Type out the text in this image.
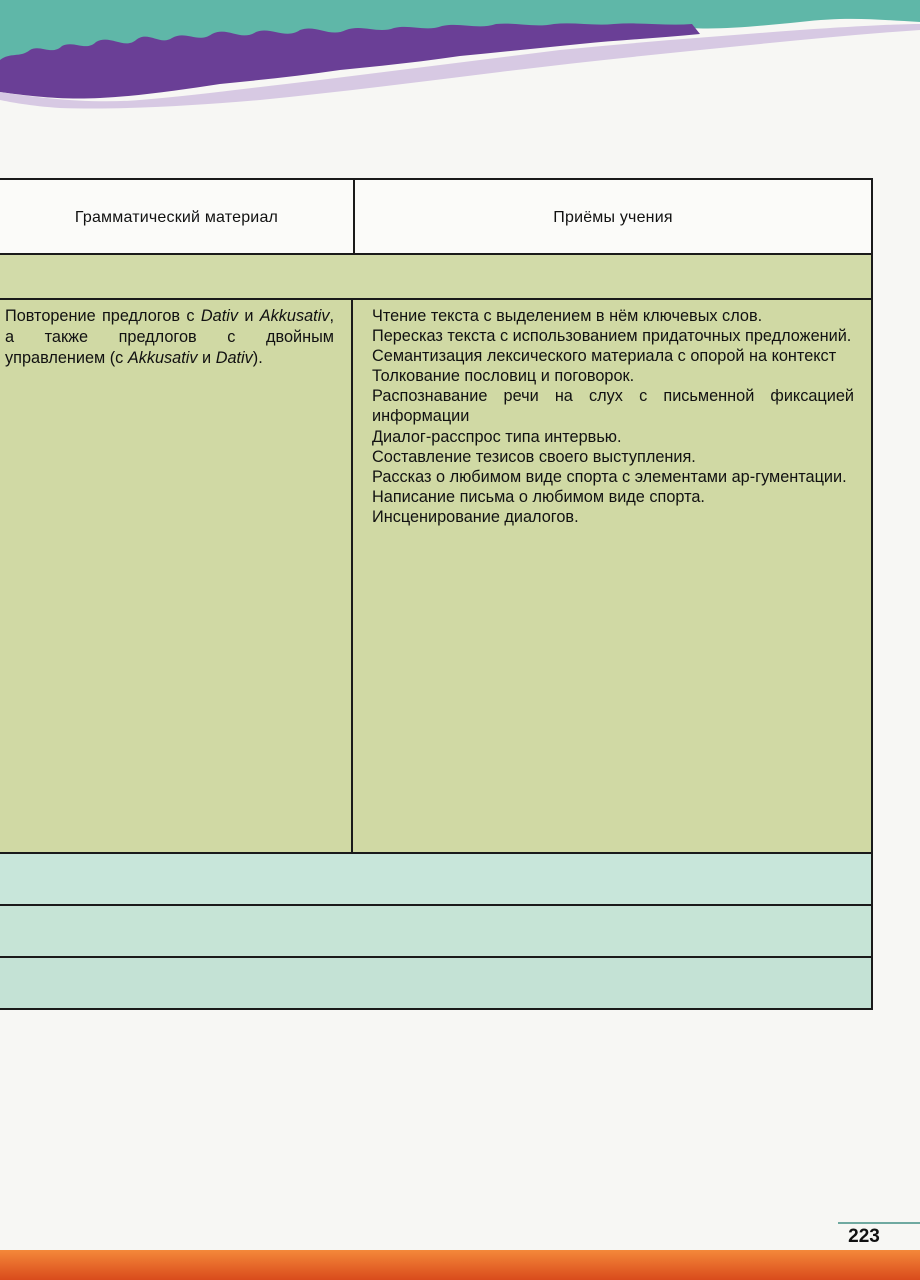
Грамматический материал	Приёмы учения
Повторение предлогов с Dativ и Akkusativ, а также предлогов с двойным управлением (с Akkusativ и Dativ).

Чтение текста с выделением в нём ключевых слов.

Пересказ текста с использованием придаточных предложений.

Семантизация лексического материала с опорой на контекст

Толкование пословиц и поговорок.

Распознавание речи на слух с письменной фиксацией информации

Диалог-расспрос типа интервью.

Составление тезисов своего выступления.

Рассказ о любимом виде спорта с элементами ар-гументации.

Написание письма о любимом виде спорта.

Инсценирование диалогов.

223
